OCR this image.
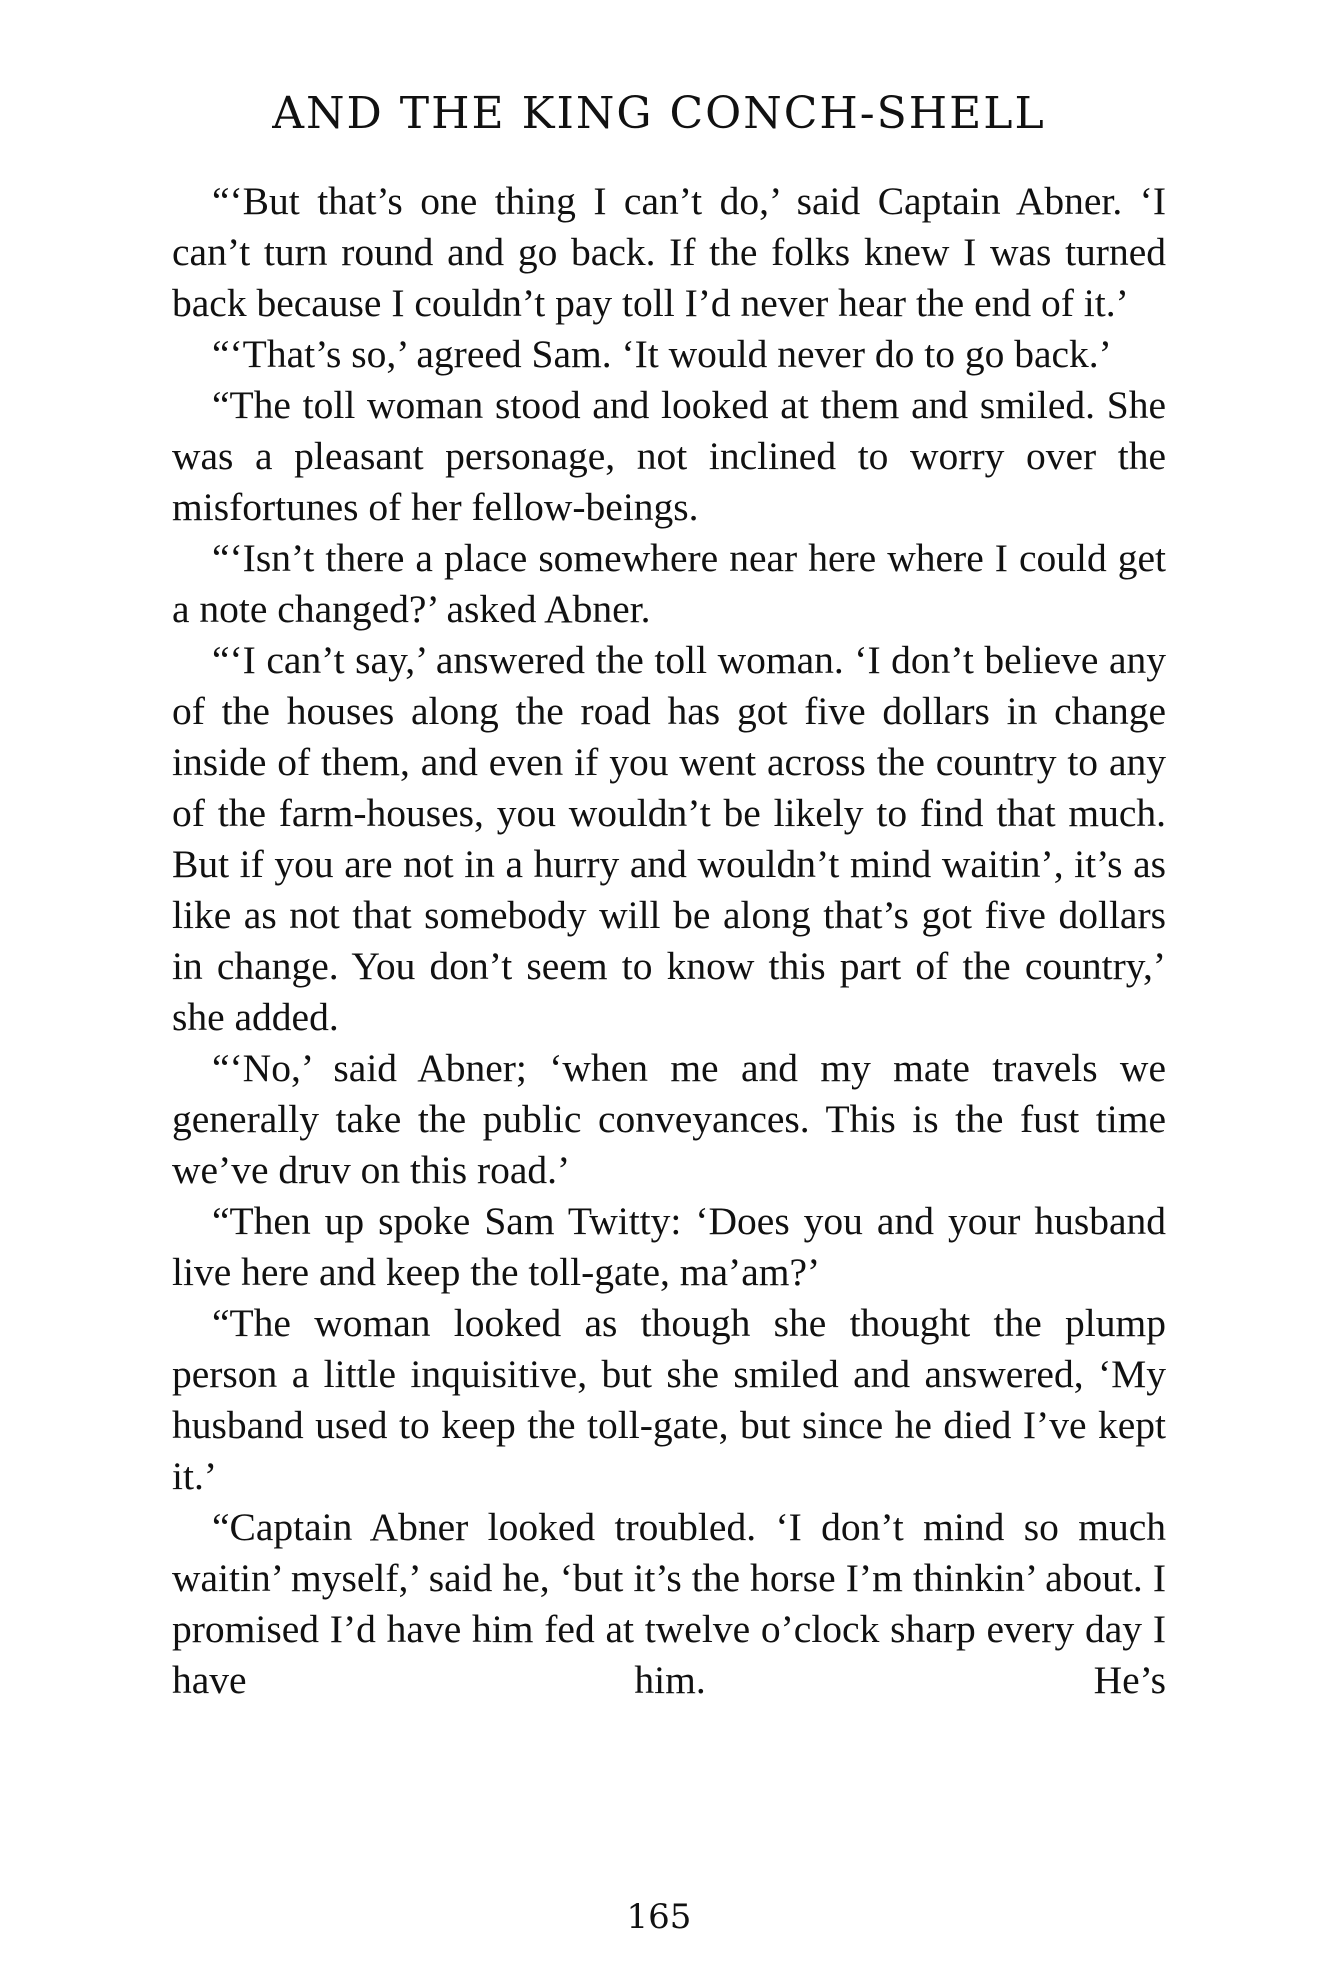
AND THE KING CONCH-SHELL

“‘But that’s one thing I can’t do,’ said Captain Abner. ‘I can’t turn round and go back. If the folks knew I was turned back because I couldn’t pay toll I’d never hear the end of it.’

“‘That’s so,’ agreed Sam. ‘It would never do to go back.’

“The toll woman stood and looked at them and smiled. She was a pleasant personage, not inclined to worry over the misfortunes of her fellow-beings.

“‘Isn’t there a place somewhere near here where I could get a note changed?’ asked Abner.

“‘I can’t say,’ answered the toll woman. ‘I don’t believe any of the houses along the road has got five dollars in change inside of them, and even if you went across the country to any of the farm-houses, you wouldn’t be likely to find that much. But if you are not in a hurry and wouldn’t mind waitin’, it’s as like as not that somebody will be along that’s got five dollars in change. You don’t seem to know this part of the country,’ she added.

“‘No,’ said Abner; ‘when me and my mate travels we generally take the public conveyances. This is the fust time we’ve druv on this road.’

“Then up spoke Sam Twitty: ‘Does you and your husband live here and keep the toll-gate, ma’am?’

“The woman looked as though she thought the plump person a little inquisitive, but she smiled and answered, ‘My husband used to keep the toll-gate, but since he died I’ve kept it.’

“Captain Abner looked troubled. ‘I don’t mind so much waitin’ myself,’ said he, ‘but it’s the horse I’m thinkin’ about. I promised I’d have him fed at twelve o’clock sharp every day I have him. He’s

165
